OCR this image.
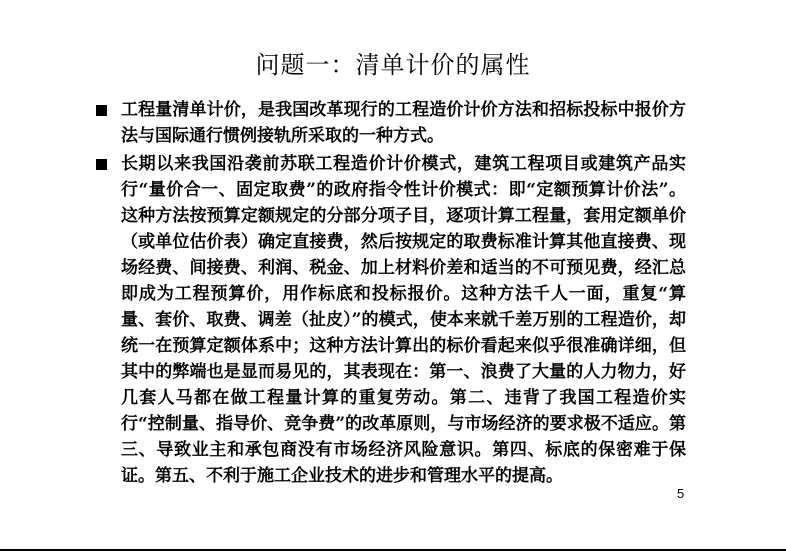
问题一：清单计价的属性
工程量清单计价，是我国改革现行的工程造价计价方法和招标投标中报价方法与国际通行惯例接轨所采取的一种方式。
长期以来我国沿袭前苏联工程造价计价模式，建筑工程项目或建筑产品实行“量价合一、固定取费”的政府指令性计价模式：即“定额预算计价法”。这种方法按预算定额规定的分部分项子目，逐项计算工程量，套用定额单价（或单位估价表）确定直接费，然后按规定的取费标准计算其他直接费、现场经费、间接费、利润、税金、加上材料价差和适当的不可预见费，经汇总即成为工程预算价，用作标底和投标报价。这种方法千人一面，重复“算量、套价、取费、调差（扯皮）”的模式，使本来就千差万别的工程造价，却统一在预算定额体系中；这种方法计算出的标价看起来似乎很准确详细，但其中的弊端也是显而易见的，其表现在：第一、浪费了大量的人力物力，好几套人马都在做工程量计算的重复劳动。第二、违背了我国工程造价实行“控制量、指导价、竞争费”的改革原则，与市场经济的要求极不适应。第三、导致业主和承包商没有市场经济风险意识。第四、标底的保密难于保证。第五、不利于施工企业技术的进步和管理水平的提高。
5
